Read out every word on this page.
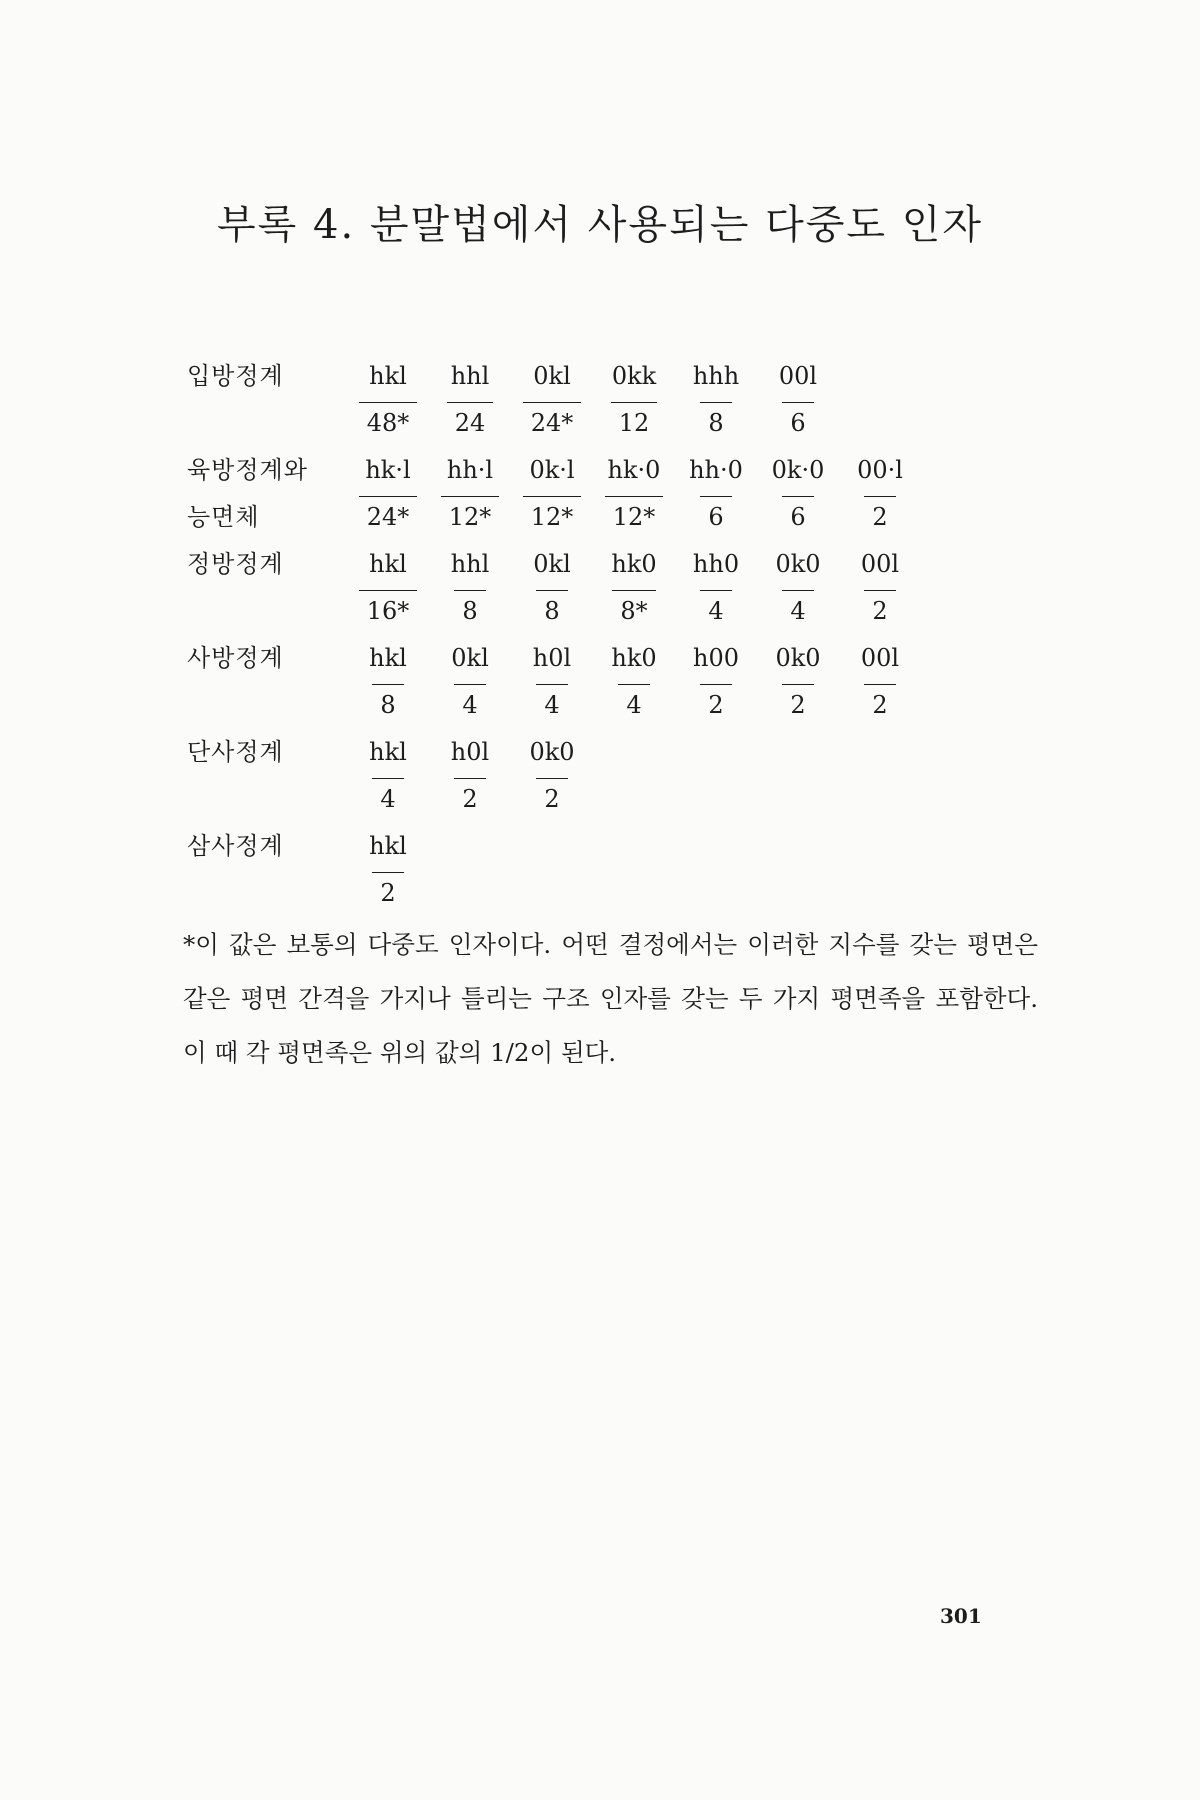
부록 4. 분말법에서 사용되는 다중도 인자
입방정계	hkl	hhl	0kl	0kk	hhh	00l
48*	24	24*	12	8	6
육방정계와	hk·l	hh·l	0k·l	hk·0	hh·0	0k·0	00·l
능면체	24*	12*	12*	12*	6	6	2
정방정계	hkl	hhl	0kl	hk0	hh0	0k0	00l
16*	8	8	8*	4	4	2
사방정계	hkl	0kl	h0l	hk0	h00	0k0	00l
8	4	4	4	2	2	2
단사정계	hkl	h0l	0k0
4	2	2
삼사정계	hkl
2
*이 값은 보통의 다중도 인자이다. 어떤 결정에서는 이러한 지수를 갖는 평면은 같은 평면 간격을 가지나 틀리는 구조 인자를 갖는 두 가지 평면족을 포함한다. 이 때 각 평면족은 위의 값의 1/2이 된다.
301
